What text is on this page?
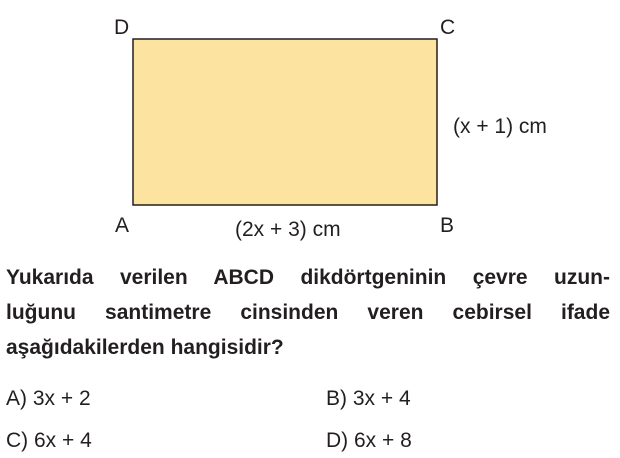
D	C
A	B
(2x + 3) cm
(x + 1) cm
Yukarıda verilen ABCD dikdörtgeninin çevre uzun-
luğunu santimetre cinsinden veren cebirsel ifade
aşağıdakilerden hangisidir?
A) 3x + 2	B) 3x + 4
C) 6x + 4	D) 6x + 8
